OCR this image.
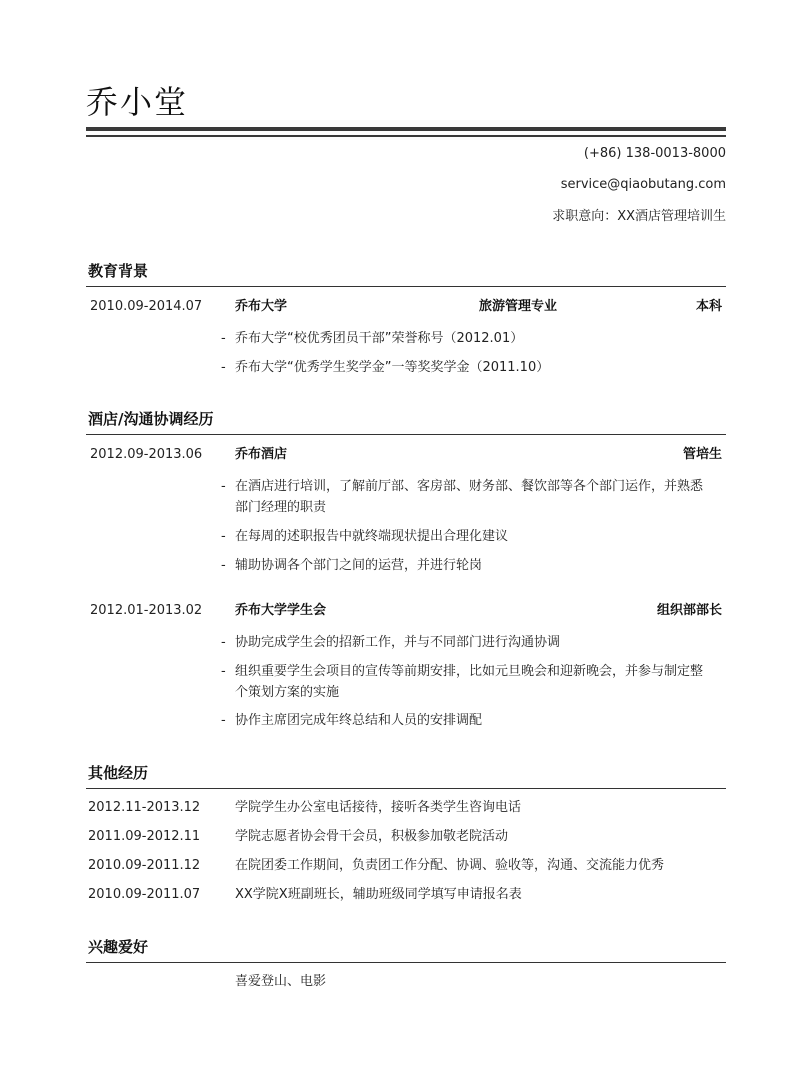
乔小堂
(+86) 138-0013-8000
service@qiaobutang.com
求职意向：XX酒店管理培训生
教育背景
2010.09-2014.07	乔布大学	旅游管理专业	本科
- 乔布大学“校优秀团员干部”荣誉称号（2012.01）
- 乔布大学“优秀学生奖学金”一等奖奖学金（2011.10）
酒店/沟通协调经历
2012.09-2013.06	乔布酒店	管培生
- 在酒店进行培训，了解前厅部、客房部、财务部、餐饮部等各个部门运作，并熟悉部门经理的职责
- 在每周的述职报告中就终端现状提出合理化建议
- 辅助协调各个部门之间的运营，并进行轮岗
2012.01-2013.02	乔布大学学生会	组织部部长
- 协助完成学生会的招新工作，并与不同部门进行沟通协调
- 组织重要学生会项目的宣传等前期安排，比如元旦晚会和迎新晚会，并参与制定整个策划方案的实施
- 协作主席团完成年终总结和人员的安排调配
其他经历
2012.11-2013.12	学院学生办公室电话接待，接听各类学生咨询电话
2011.09-2012.11	学院志愿者协会骨干会员，积极参加敬老院活动
2010.09-2011.12	在院团委工作期间，负责团工作分配、协调、验收等，沟通、交流能力优秀
2010.09-2011.07	XX学院X班副班长，辅助班级同学填写申请报名表
兴趣爱好
喜爱登山、电影
